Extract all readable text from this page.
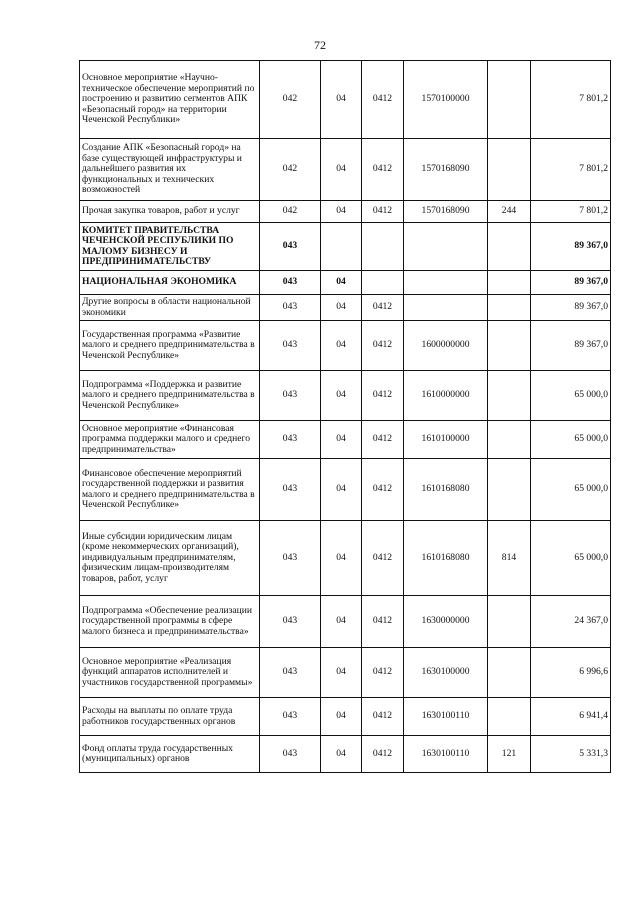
72
Основное мероприятие «Научно-техническое обеспечение мероприятий по построению и развитию сегментов АПК «Безопасный город» на территории Чеченской Республики»	042	04	0412	1570100000		7 801,2
Создание АПК «Безопасный город» на базе существующей инфраструктуры и дальнейшего развития их функциональных и технических возможностей	042	04	0412	1570168090		7 801,2
Прочая закупка товаров, работ и услуг	042	04	0412	1570168090	244	7 801,2
КОМИТЕТ ПРАВИТЕЛЬСТВА ЧЕЧЕНСКОЙ РЕСПУБЛИКИ ПО МАЛОМУ БИЗНЕСУ И ПРЕДПРИНИМАТЕЛЬСТВУ	043					89 367,0
НАЦИОНАЛЬНАЯ ЭКОНОМИКА	043	04				89 367,0
Другие вопросы в области национальной экономики	043	04	0412			89 367,0
Государственная программа «Развитие малого и среднего предпринимательства в Чеченской Республике»	043	04	0412	1600000000		89 367,0
Подпрограмма «Поддержка и развитие малого и среднего предпринимательства в Чеченской Республике»	043	04	0412	1610000000		65 000,0
Основное мероприятие «Финансовая программа поддержки малого и среднего предпринимательства»	043	04	0412	1610100000		65 000,0
Финансовое обеспечение мероприятий государственной поддержки и развития малого и среднего предпринимательства в Чеченской Республике»	043	04	0412	1610168080		65 000,0
Иные субсидии юридическим лицам (кроме некоммерческих организаций), индивидуальным предпринимателям, физическим лицам-производителям товаров, работ, услуг	043	04	0412	1610168080	814	65 000,0
Подпрограмма «Обеспечение реализации государственной программы в сфере малого бизнеса и предпринимательства»	043	04	0412	1630000000		24 367,0
Основное мероприятие «Реализация функций аппаратов исполнителей и участников государственной программы»	043	04	0412	1630100000		6 996,6
Расходы на выплаты по оплате труда работников государственных органов	043	04	0412	1630100110		6 941,4
Фонд оплаты труда государственных (муниципальных) органов	043	04	0412	1630100110	121	5 331,3
